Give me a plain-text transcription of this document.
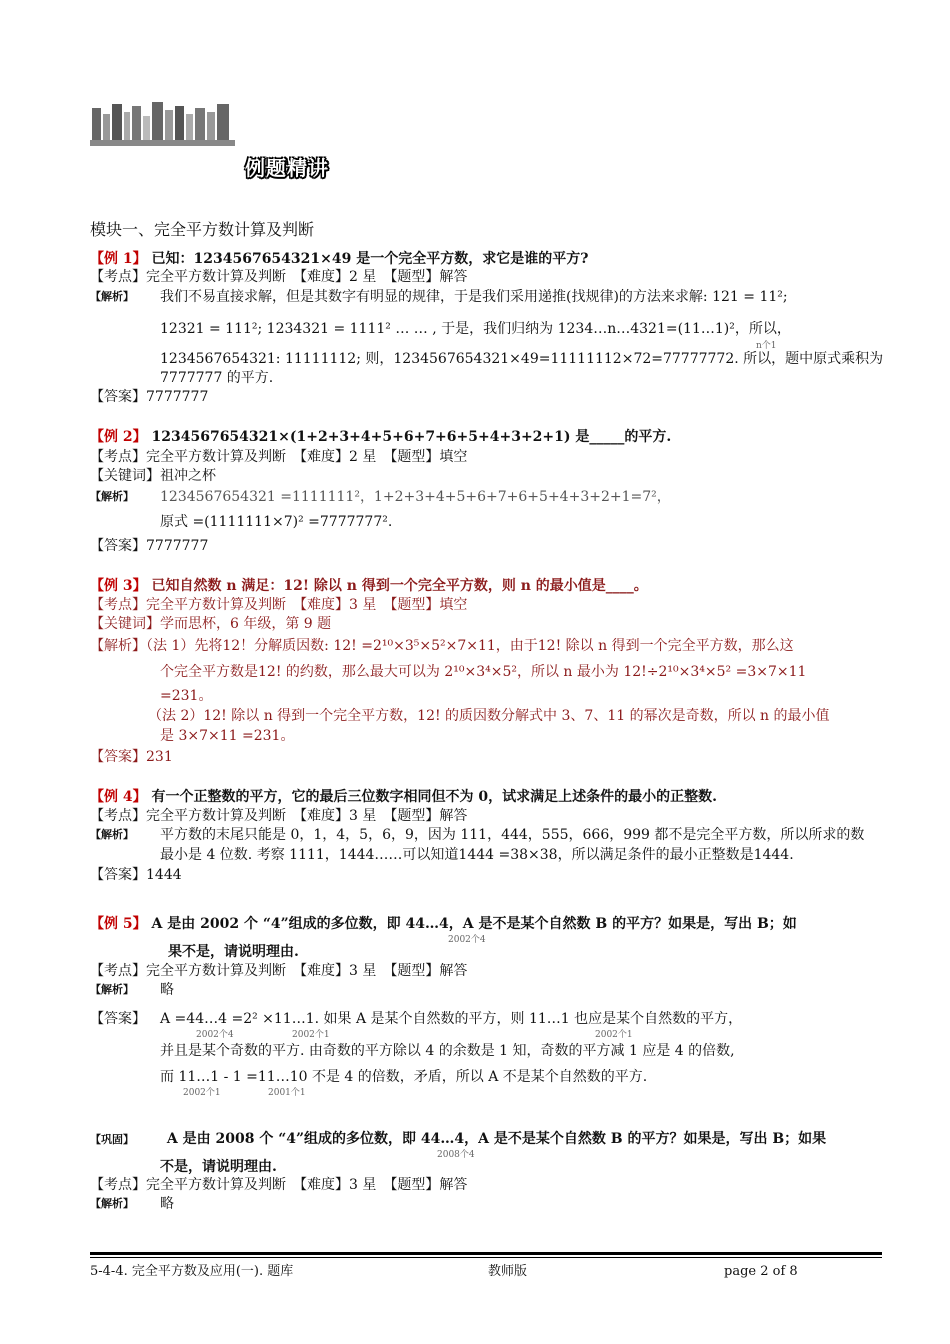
例题精讲
模块一、完全平方数计算及判断
【例 1】 已知：1234567654321×49 是一个完全平方数，求它是谁的平方?
【考点】完全平方数计算及判断　【难度】2 星　【题型】解答
【解析】 我们不易直接求解，但是其数字有明显的规律，于是我们采用递推(找规律)的方法来求解: 121 = 11²;
12321 = 111²; 1234321 = 1111² … … , 于是，我们归纳为 1234…n…4321=(11…1)²，所以，
n个1
1234567654321: 11111112; 则，1234567654321×49=11111112×72=77777772. 所以，题中原式乘积为
7777777 的平方.
【答案】7777777
【例 2】 1234567654321×(1+2+3+4+5+6+7+6+5+4+3+2+1) 是_____的平方.
【考点】完全平方数计算及判断　【难度】2 星　【题型】填空
【关键词】祖冲之杯
【解析】 1234567654321 =1111111²，1+2+3+4+5+6+7+6+5+4+3+2+1=7²，
原式 =(1111111×7)² =7777777².
【答案】7777777
【例 3】 已知自然数 n 满足：12! 除以 n 得到一个完全平方数，则 n 的最小值是____。
【考点】完全平方数计算及判断　【难度】3 星　【题型】填空
【关键词】学而思杯，6 年级，第 9 题
【解析】（法 1）先将12！分解质因数: 12! =2¹⁰×3⁵×5²×7×11，由于12! 除以 n 得到一个完全平方数，那么这
个完全平方数是12! 的约数，那么最大可以为 2¹⁰×3⁴×5²，所以 n 最小为 12!÷2¹⁰×3⁴×5² =3×7×11
=231。
（法 2）12! 除以 n 得到一个完全平方数，12! 的质因数分解式中 3、7、11 的幂次是奇数，所以 n 的最小值
是 3×7×11 =231。
【答案】231
【例 4】 有一个正整数的平方，它的最后三位数字相同但不为 0，试求满足上述条件的最小的正整数.
【考点】完全平方数计算及判断　【难度】3 星　【题型】解答
【解析】 平方数的末尾只能是 0，1，4，5，6，9，因为 111，444，555，666，999 都不是完全平方数，所以所求的数
最小是 4 位数. 考察 1111，1444……可以知道1444 =38×38，所以满足条件的最小正整数是1444.
【答案】1444
【例 5】 A 是由 2002 个 “4”组成的多位数，即 44…4，A 是不是某个自然数 B 的平方？如果是，写出 B；如
2002个4
果不是，请说明理由.
【考点】完全平方数计算及判断　【难度】3 星　【题型】解答
【解析】 略
【答案】 A =44…4 =2² ×11…1. 如果 A 是某个自然数的平方，则 11…1 也应是某个自然数的平方，
2002个4	2002个1	2002个1
并且是某个奇数的平方. 由奇数的平方除以 4 的余数是 1 知，奇数的平方减 1 应是 4 的倍数,
而 11…1 - 1 =11…10 不是 4 的倍数，矛盾，所以 A 不是某个自然数的平方.
2002个1	2001个1
【巩固】 A 是由 2008 个 “4”组成的多位数，即 44…4，A 是不是某个自然数 B 的平方？如果是，写出 B；如果
2008个4
不是，请说明理由.
【考点】完全平方数计算及判断　【难度】3 星　【题型】解答
【解析】 略
5-4-4. 完全平方数及应用(一). 题库	教师版	page 2 of 8
